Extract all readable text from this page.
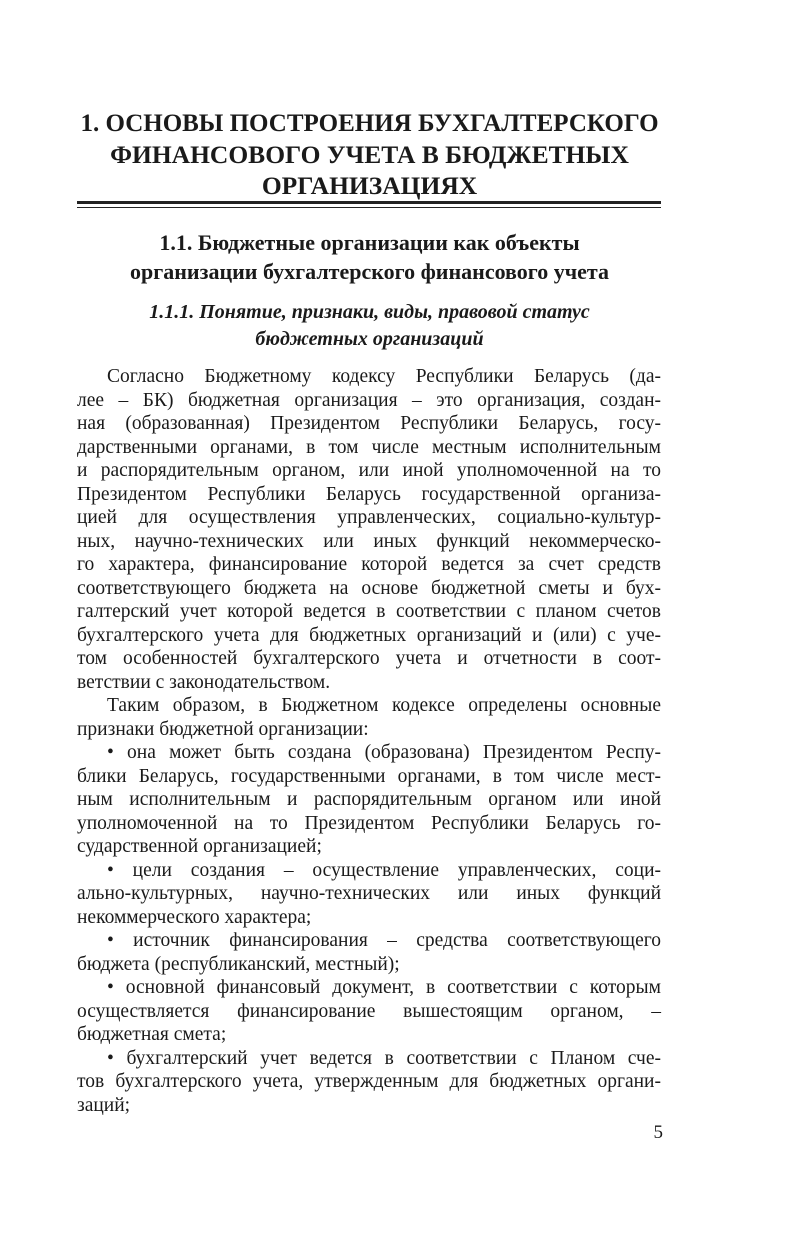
1. ОСНОВЫ ПОСТРОЕНИЯ БУХГАЛТЕРСКОГО
ФИНАНСОВОГО УЧЕТА В БЮДЖЕТНЫХ
ОРГАНИЗАЦИЯХ
1.1. Бюджетные организации как объекты
организации бухгалтерского финансового учета
1.1.1. Понятие, признаки, виды, правовой статус
бюджетных организаций
Согласно Бюджетному кодексу Республики Беларусь (да-
лее – БК) бюджетная организация – это организация, создан-
ная (образованная) Президентом Республики Беларусь, госу-
дарственными органами, в том числе местным исполнительным
и распорядительным органом, или иной уполномоченной на то
Президентом Республики Беларусь государственной организа-
цией для осуществления управленческих, социально-культур-
ных, научно-технических или иных функций некоммерческо-
го характера, финансирование которой ведется за счет средств
соответствующего бюджета на основе бюджетной сметы и бух-
галтерский учет которой ведется в соответствии с планом счетов
бухгалтерского учета для бюджетных организаций и (или) с уче-
том особенностей бухгалтерского учета и отчетности в соот-
ветствии с законодательством.
Таким образом, в Бюджетном кодексе определены основные
признаки бюджетной организации:
• она может быть создана (образована) Президентом Респу-
блики Беларусь, государственными органами, в том числе мест-
ным исполнительным и распорядительным органом или иной
уполномоченной на то Президентом Республики Беларусь го-
сударственной организацией;
• цели создания – осуществление управленческих, соци-
ально-культурных, научно-технических или иных функций
некоммерческого характера;
• источник финансирования – средства соответствующего
бюджета (республиканский, местный);
• основной финансовый документ, в соответствии с которым
осуществляется финансирование вышестоящим органом, –
бюджетная смета;
• бухгалтерский учет ведется в соответствии с Планом сче-
тов бухгалтерского учета, утвержденным для бюджетных органи-
заций;
5
